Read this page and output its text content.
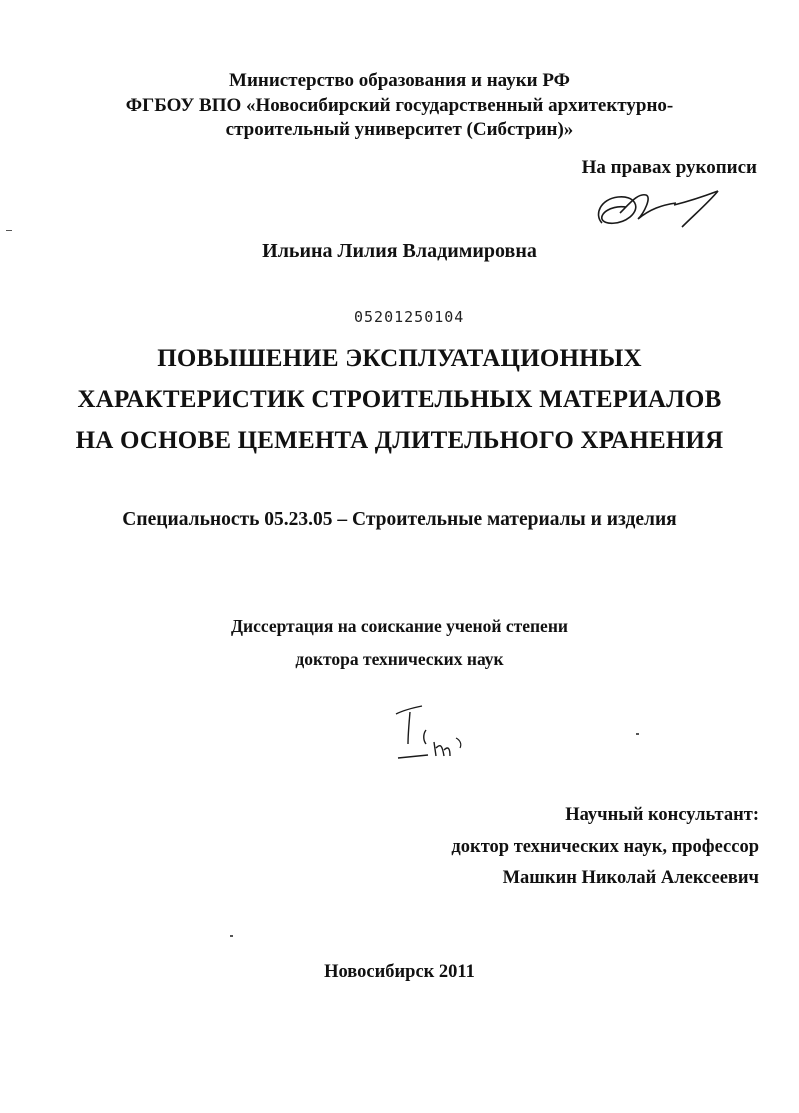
Министерство образования и науки РФ
ФГБОУ ВПО «Новосибирский государственный архитектурно-
строительный университет (Сибстрин)»
На правах рукописи
Ильина Лилия Владимировна
05201250104
ПОВЫШЕНИЕ ЭКСПЛУАТАЦИОННЫХ
ХАРАКТЕРИСТИК СТРОИТЕЛЬНЫХ МАТЕРИАЛОВ
НА ОСНОВЕ ЦЕМЕНТА ДЛИТЕЛЬНОГО ХРАНЕНИЯ
Специальность 05.23.05 – Строительные материалы и изделия
Диссертация на соискание ученой степени
доктора технических наук
Научный консультант:
доктор технических наук, профессор
Машкин Николай Алексеевич
Новосибирск 2011
